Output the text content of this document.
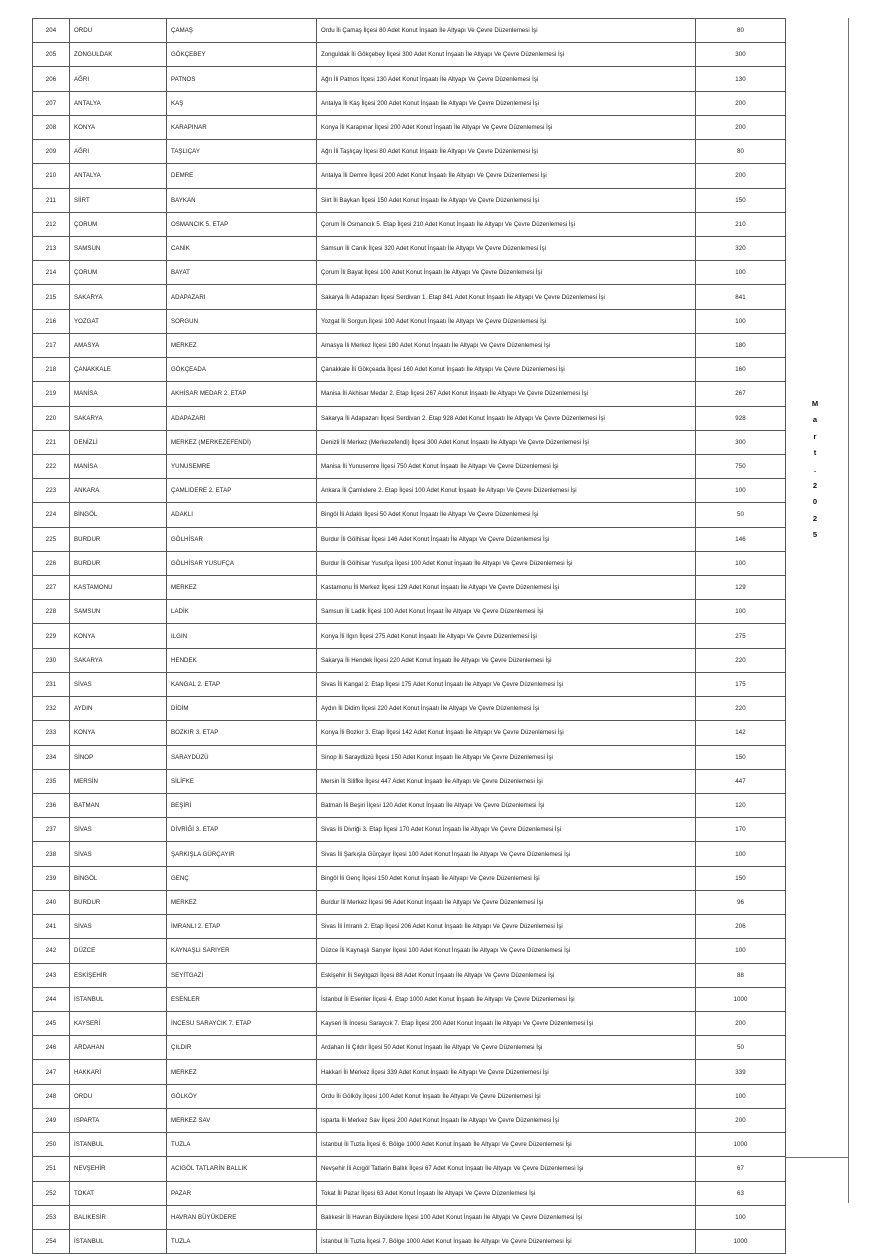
204	ORDU	ÇAMAŞ	Ordu İli Çamaş İlçesi 80 Adet Konut İnşaatı İle Altyapı Ve Çevre Düzenlemesi İşi	80
205	ZONGULDAK	GÖKÇEBEY	Zonguldak İli Gökçebey İlçesi 300 Adet Konut İnşaatı İle Altyapı Ve Çevre Düzenlemesi İşi	300
206	AĞRI	PATNOS	Ağrı İli Patnos İlçesi 130 Adet Konut İnşaatı İle Altyapı Ve Çevre Düzenlemesi İşi	130
207	ANTALYA	KAŞ	Antalya İli Kaş İlçesi 200 Adet Konut İnşaatı İle Altyapı Ve Çevre Düzenlemesi İşi	200
208	KONYA	KARAPINAR	Konya İli Karapınar İlçesi 200 Adet Konut İnşaatı İle Altyapı Ve Çevre Düzenlemesi İşi	200
209	AĞRI	TAŞLIÇAY	Ağrı İli Taşlıçay İlçesi 80 Adet Konut İnşaatı İle Altyapı Ve Çevre Düzenlemesi İşi	80
210	ANTALYA	DEMRE	Antalya İli Demre İlçesi 200 Adet Konut İnşaatı İle Altyapı Ve Çevre Düzenlemesi İşi	200
211	SİİRT	BAYKAN	Siirt İli Baykan İlçesi 150 Adet Konut İnşaatı İle Altyapı Ve Çevre Düzenlemesi İşi	150
212	ÇORUM	OSMANCIK 5. ETAP	Çorum İli Osmancık 5. Etap İlçesi 210 Adet Konut İnşaatı İle Altyapı Ve Çevre Düzenlemesi İşi	210
213	SAMSUN	CANİK	Samsun İli Canik İlçesi 320 Adet Konut İnşaatı İle Altyapı Ve Çevre Düzenlemesi İşi	320
214	ÇORUM	BAYAT	Çorum İli Bayat İlçesi 100 Adet Konut İnşaatı İle Altyapı Ve Çevre Düzenlemesi İşi	100
215	SAKARYA	ADAPAZARI	Sakarya İli Adapazarı İlçesi Serdivan 1. Etap 841 Adet Konut İnşaatı İle Altyapı Ve Çevre Düzenlemesi İşi	841
216	YOZGAT	SORGUN	Yozgat İli Sorgun İlçesi 100 Adet Konut İnşaatı İle Altyapı Ve Çevre Düzenlemesi İşi	100
217	AMASYA	MERKEZ	Amasya İli Merkez İlçesi 180 Adet Konut İnşaatı İle Altyapı Ve Çevre Düzenlemesi İşi	180
218	ÇANAKKALE	GÖKÇEADA	Çanakkale İli Gökçeada İlçesi 160 Adet Konut İnşaatı İle Altyapı Ve Çevre Düzenlemesi İşi	160
219	MANİSA	AKHİSAR MEDAR 2. ETAP	Manisa İli Akhisar Medar 2. Etap İlçesi 267 Adet Konut İnşaatı İle Altyapı Ve Çevre Düzenlemesi İşi	267
220	SAKARYA	ADAPAZARI	Sakarya İli Adapazarı İlçesi Serdivan 2. Etap 928 Adet Konut İnşaatı İle Altyapı Ve Çevre Düzenlemesi İşi	928
221	DENİZLİ	MERKEZ (MERKEZEFENDİ)	Denizli İli Merkez (Merkezefendi) İlçesi 300 Adet Konut İnşaatı İle Altyapı Ve Çevre Düzenlemesi İşi	300
222	MANİSA	YUNUSEMRE	Manisa İli Yunusemre İlçesi 750 Adet Konut İnşaatı İle Altyapı Ve Çevre Düzenlemesi İşi	750
223	ANKARA	ÇAMLIDERE 2. ETAP	Ankara İli Çamlıdere 2. Etap İlçesi 100 Adet Konut İnşaatı İle Altyapı Ve Çevre Düzenlemesi İşi	100
224	BİNGÖL	ADAKLI	Bingöl İli Adaklı İlçesi 50 Adet Konut İnşaatı İle Altyapı Ve Çevre Düzenlemesi İşi	50
225	BURDUR	GÖLHİSAR	Burdur İli Gölhisar İlçesi 146 Adet Konut İnşaatı İle Altyapı Ve Çevre Düzenlemesi İşi	146
226	BURDUR	GÖLHİSAR YUSUFÇA	Burdur İli Gölhisar Yusufça İlçesi 100 Adet Konut İnşaatı İle Altyapı Ve Çevre Düzenlemesi İşi	100
227	KASTAMONU	MERKEZ	Kastamonu İli Merkez İlçesi 129 Adet Konut İnşaatı İle Altyapı Ve Çevre Düzenlemesi İşi	129
228	SAMSUN	LADİK	Samsun İli Ladik İlçesi 100 Adet Konut İnşaat İle Altyapı Ve Çevre Düzenlemesi İşi	100
229	KONYA	ILGIN	Konya İli Ilgın İlçesi 275 Adet Konut İnşaatı İle Altyapı Ve Çevre Düzenlemesi İşi	275
230	SAKARYA	HENDEK	Sakarya İli Hendek İlçesi 220 Adet Konut İnşaatı İle Altyapı Ve Çevre Düzenlemesi İşi	220
231	SİVAS	KANGAL 2. ETAP	Sivas İli Kangal 2. Etap İlçesi 175 Adet Konut İnşaatı İle Altyapı Ve Çevre Düzenlemesi İşi	175
232	AYDIN	DİDİM	Aydın İli Didim İlçesi 220 Adet Konut İnşaatı İle Altyapı Ve Çevre Düzenlemesi İşi	220
233	KONYA	BOZKIR 3. ETAP	Konya İli Bozkır 3. Etap İlçesi 142 Adet Konut İnşaatı İle Altyapı Ve Çevre Düzenlemesi İşi	142
234	SİNOP	SARAYDÜZÜ	Sinop İli Saraydüzü İlçesi 150 Adet Konut İnşaatı İle Altyapı Ve Çevre Düzenlemesi İşi	150
235	MERSİN	SİLİFKE	Mersin İli Silifke İlçesi 447 Adet Konut İnşaatı İle Altyapı Ve Çevre Düzenlemesi İşi	447
236	BATMAN	BEŞİRİ	Batman İli Beşiri İlçesi 120 Adet Konut İnşaatı İle Altyapı Ve Çevre Düzenlemesi İşi	120
237	SİVAS	DİVRİĞİ 3. ETAP	Sivas İli Divriği 3. Etap İlçesi 170 Adet Konut İnşaatı İle Altyapı Ve Çevre Düzenlemesi İşi	170
238	SİVAS	ŞARKIŞLA GÜRÇAYIR	Sivas İli Şarkışla Gürçayır İlçesi 100 Adet Konut İnşaatı İle Altyapı Ve Çevre Düzenlemesi İşi	100
239	BİNGÖL	GENÇ	Bingöl İli Genç İlçesi 150 Adet Konut İnşaatı İle Altyapı Ve Çevre Düzenlemesi İşi	150
240	BURDUR	MERKEZ	Burdur İli Merkez İlçesi 96 Adet Konut İnşaatı İle Altyapı Ve Çevre Düzenlemesi İşi	96
241	SİVAS	İMRANLI 2. ETAP	Sivas İli İmranlı 2. Etap İlçesi 206 Adet Konut İnşaatı İle Altyapı Ve Çevre Düzenlemesi İşi	206
242	DÜZCE	KAYNAŞLI SARIYER	Düzce İli Kaynaşlı Sarıyer İlçesi 100 Adet Konut İnşaatı İle Altyapı Ve Çevre Düzenlemesi İşi	100
243	ESKİŞEHİR	SEYİTGAZİ	Eskişehir İli Seyitgazi İlçesi 88 Adet Konut İnşaatı İle Altyapı Ve Çevre Düzenlemesi İşi	88
244	İSTANBUL	ESENLER	İstanbul İli Esenler İlçesi 4. Etap 1000 Adet Konut İnşaatı İle Altyapı Ve Çevre Düzenlemesi İşi	1000
245	KAYSERİ	İNCESU SARAYCIK 7. ETAP	Kayseri İli İncesu Saraycık 7. Etap İlçesi 200 Adet Konut İnşaatı İle Altyapı Ve Çevre Düzenlemesi İşi	200
246	ARDAHAN	ÇILDIR	Ardahan İli Çıldır İlçesi 50 Adet Konut İnşaatı İle Altyapı Ve Çevre Düzenlemesi İşi	50
247	HAKKARİ	MERKEZ	Hakkari İli Merkez İlçesi 339 Adet Konut İnşaatı İle Altyapı Ve Çevre Düzenlemesi İşi	339
248	ORDU	GÖLKÖY	Ordu İli Gölköy İlçesi 100 Adet Konut İnşaatı İle Altyapı Ve Çevre Düzenlemesi İşi	100
249	ISPARTA	MERKEZ SAV	Isparta İli Merkez Sav İlçesi 200 Adet Konut İnşaatı İle Altyapı Ve Çevre Düzenlemesi İşi	200
250	İSTANBUL	TUZLA	İstanbul İli Tuzla İlçesi 6. Bölge 1000 Adet Konut İnşaatı İle Altyapı Ve Çevre Düzenlemesi İşi	1000
251	NEVŞEHİR	ACIGÖL TATLARİN BALLIK	Nevşehir İli Acıgöl Tatlarin Ballık İlçesi 67 Adet Konut İnşaatı İle Altyapı Ve Çevre Düzenlemesi İşi	67
252	TOKAT	PAZAR	Tokat İli Pazar İlçesi 63 Adet Konut İnşaatı İle Altyapı Ve Çevre Düzenlemesi İşi	63
253	BALIKESİR	HAVRAN BÜYÜKDERE	Balıkesir İli Havran Büyükdere İlçesi 100 Adet Konut İnşaatı İle Altyapı Ve Çevre Düzenlemesi İşi	100
254	İSTANBUL	TUZLA	İstanbul İli Tuzla İlçesi 7. Bölge 1000 Adet Konut İnşaatı İle Altyapı Ve Çevre Düzenlemesi İşi	1000
M
a
r
t
.
2
0
2
5
